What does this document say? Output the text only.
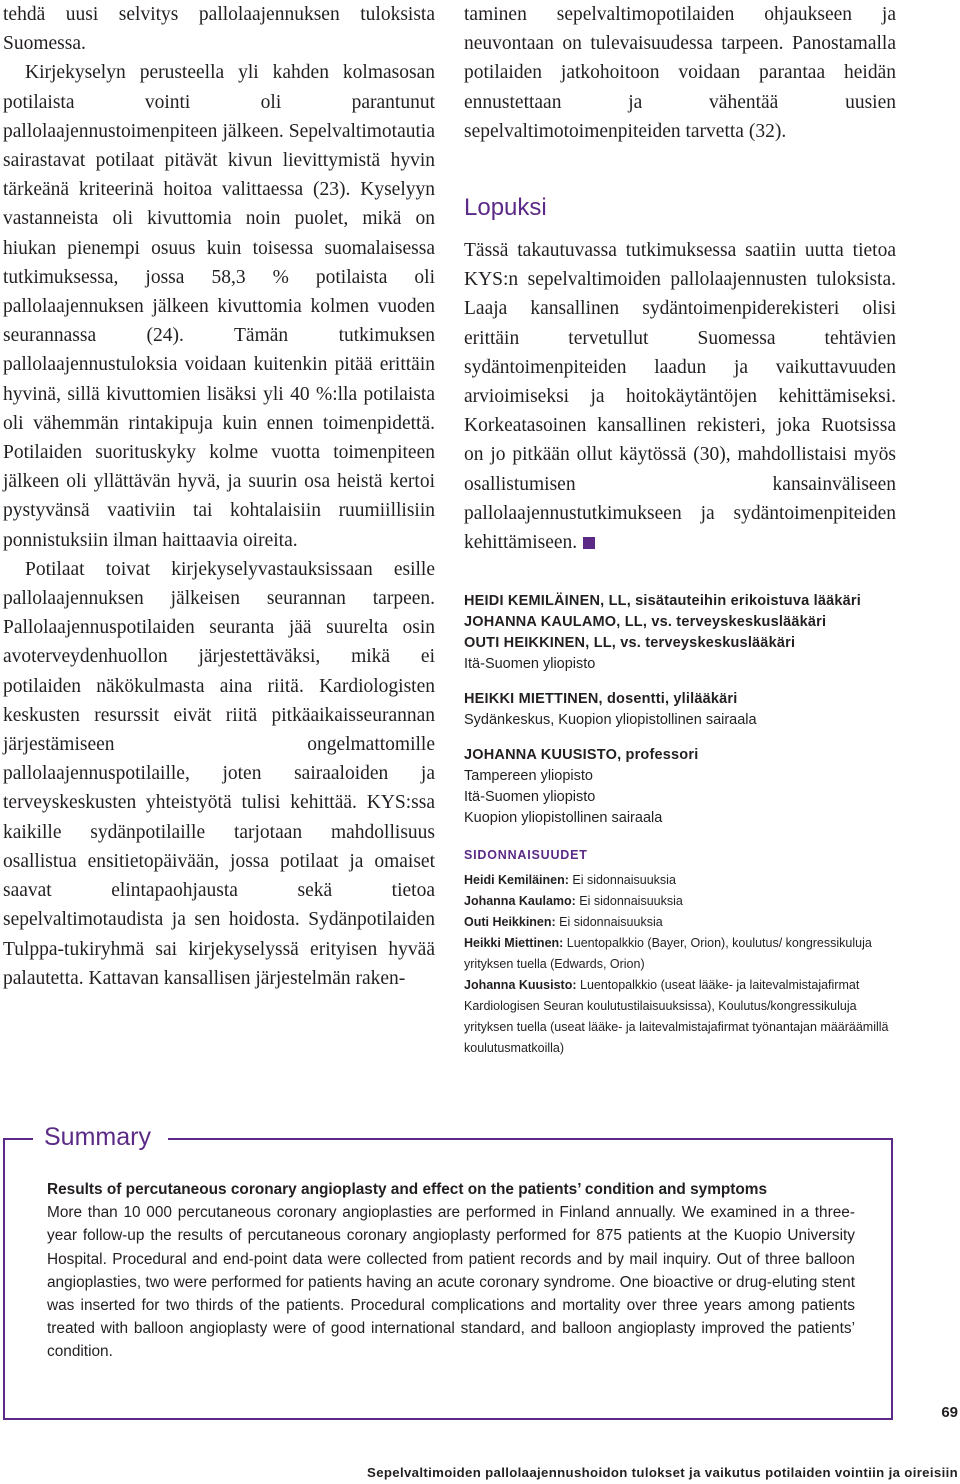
tehdä uusi selvitys pallolaajennuksen tuloksista Suomessa.

Kirjekyselyn perusteella yli kahden kolmasosan potilaista vointi oli parantunut pallolaajennustoimenpiteen jälkeen. Sepelvaltimotautia sairastavat potilaat pitävät kivun lievittymistä hyvin tärkeänä kriteerinä hoitoa valittaessa (23). Kyselyyn vastanneista oli kivuttomia noin puolet, mikä on hiukan pienempi osuus kuin toisessa suomalaisessa tutkimuksessa, jossa 58,3 % potilaista oli pallolaajennuksen jälkeen kivuttomia kolmen vuoden seurannassa (24). Tämän tutkimuksen pallolaajennustuloksia voidaan kuitenkin pitää erittäin hyvinä, sillä kivuttomien lisäksi yli 40 %:lla potilaista oli vähemmän rintakipuja kuin ennen toimenpidettä. Potilaiden suorituskyky kolme vuotta toimenpiteen jälkeen oli yllättävän hyvä, ja suurin osa heistä kertoi pystyvänsä vaativiin tai kohtalaisiin ruumiillisiin ponnistuksiin ilman haittaavia oireita.

Potilaat toivat kirjekyselyvastauksissaan esille pallolaajennuksen jälkeisen seurannan tarpeen. Pallolaajennuspotilaiden seuranta jää suurelta osin avoterveydenhuollon järjestettäväksi, mikä ei potilaiden näkökulmasta aina riitä. Kardiologisten keskusten resurssit eivät riitä pitkäaikaisseurannan järjestämiseen ongelmattomille pallolaajennuspotilaille, joten sairaaloiden ja terveyskeskusten yhteistyötä tulisi kehittää. KYS:ssa kaikille sydänpotilaille tarjotaan mahdollisuus osallistua ensitietopäivään, jossa potilaat ja omaiset saavat elintapaohjausta sekä tietoa sepelvaltimotaudista ja sen hoidosta. Sydänpotilaiden Tulppa-tukiryhmä sai kirjekyselyssä erityisen hyvää palautetta. Kattavan kansallisen järjestelmän raken-

taminen sepelvaltimopotilaiden ohjaukseen ja neuvontaan on tulevaisuudessa tarpeen. Panostamalla potilaiden jatkohoitoon voidaan parantaa heidän ennustettaan ja vähentää uusien sepelvaltimotoimenpiteiden tarvetta (32).

Lopuksi

Tässä takautuvassa tutkimuksessa saatiin uutta tietoa KYS:n sepelvaltimoiden pallolaajennusten tuloksista. Laaja kansallinen sydäntoimenpiderekisteri olisi erittäin tervetullut Suomessa tehtävien sydäntoimenpiteiden laadun ja vaikuttavuuden arvioimiseksi ja hoitokäytäntöjen kehittämiseksi. Korkeatasoinen kansallinen rekisteri, joka Ruotsissa on jo pitkään ollut käytössä (30), mahdollistaisi myös osallistumisen kansainväliseen pallolaajennustutkimukseen ja sydäntoimenpiteiden kehittämiseen.

HEIDI KEMILÄINEN, LL, sisätauteihin erikoistuva lääkäri
JOHANNA KAULAMO, LL, vs. terveyskeskuslääkäri
OUTI HEIKKINEN, LL, vs. terveyskeskuslääkäri
Itä-Suomen yliopisto
HEIKKI MIETTINEN, dosentti, ylilääkäri
Sydänkeskus, Kuopion yliopistollinen sairaala
JOHANNA KUUSISTO, professori
Tampereen yliopisto
Itä-Suomen yliopisto
Kuopion yliopistollinen sairaala
SIDONNAISUUDET
Heidi Kemiläinen: Ei sidonnaisuuksia
Johanna Kaulamo: Ei sidonnaisuuksia
Outi Heikkinen: Ei sidonnaisuuksia
Heikki Miettinen: Luentopalkkio (Bayer, Orion), koulutus/ kongressikuluja yrityksen tuella (Edwards, Orion)
Johanna Kuusisto: Luentopalkkio (useat lääke- ja laitevalmistajafirmat Kardiologisen Seuran koulutustilaisuuksissa), Koulutus/kongressikuluja yrityksen tuella (useat lääke- ja laitevalmistajafirmat työnantajan määräämillä koulutusmatkoilla)
Summary
Results of percutaneous coronary angioplasty and effect on the patients’ condition and symptoms
More than 10 000 percutaneous coronary angioplasties are performed in Finland annually. We examined in a three-year follow-up the results of percutaneous coronary angioplasty performed for 875 patients at the Kuopio University Hospital. Procedural and end-point data were collected from patient records and by mail inquiry. Out of three balloon angioplasties, two were performed for patients having an acute coronary syndrome. One bioactive or drug-eluting stent was inserted for two thirds of the patients. Procedural complications and mortality over three years among patients treated with balloon angioplasty were of good international standard, and balloon angioplasty improved the patients’ condition.
69
Sepelvaltimoiden pallolaajennushoidon tulokset ja vaikutus potilaiden vointiin ja oireisiin
